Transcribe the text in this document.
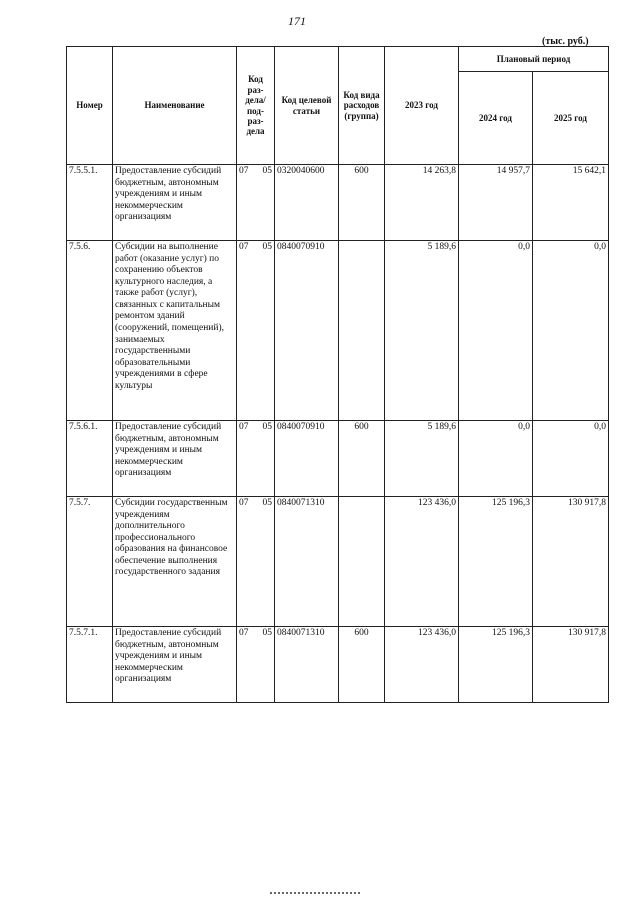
171
(тыс. руб.)
Номер	Наименование	Код раз- дела/ под- раз- дела	Код целевой статьи	Код вида расходов (группа)	2023 год	Плановый период	
						2024 год	2025 год
7.5.5.1.	Предоставление субсидий бюджетным, автономным учреждениям и иным некоммерческим организациям	07 05	0320040600	600	14 263,8	14 957,7	15 642,1
7.5.6.	Субсидии на выполнение работ (оказание услуг) по сохранению объектов культурного наследия, а также работ (услуг), связанных с капитальным ремонтом зданий (сооружений, помещений), занимаемых государственными образовательными учреждениями в сфере культуры	07 05	0840070910		5 189,6	0,0	0,0
7.5.6.1.	Предоставление субсидий бюджетным, автономным учреждениям и иным некоммерческим организациям	07 05	0840070910	600	5 189,6	0,0	0,0
7.5.7.	Субсидии государственным учреждениям дополнительного профессионального образования на финансовое обеспечение выполнения государственного задания	07 05	0840071310		123 436,0	125 196,3	130 917,8
7.5.7.1.	Предоставление субсидий бюджетным, автономным учреждениям и иным некоммерческим организациям	07 05	0840071310	600	123 436,0	125 196,3	130 917,8
